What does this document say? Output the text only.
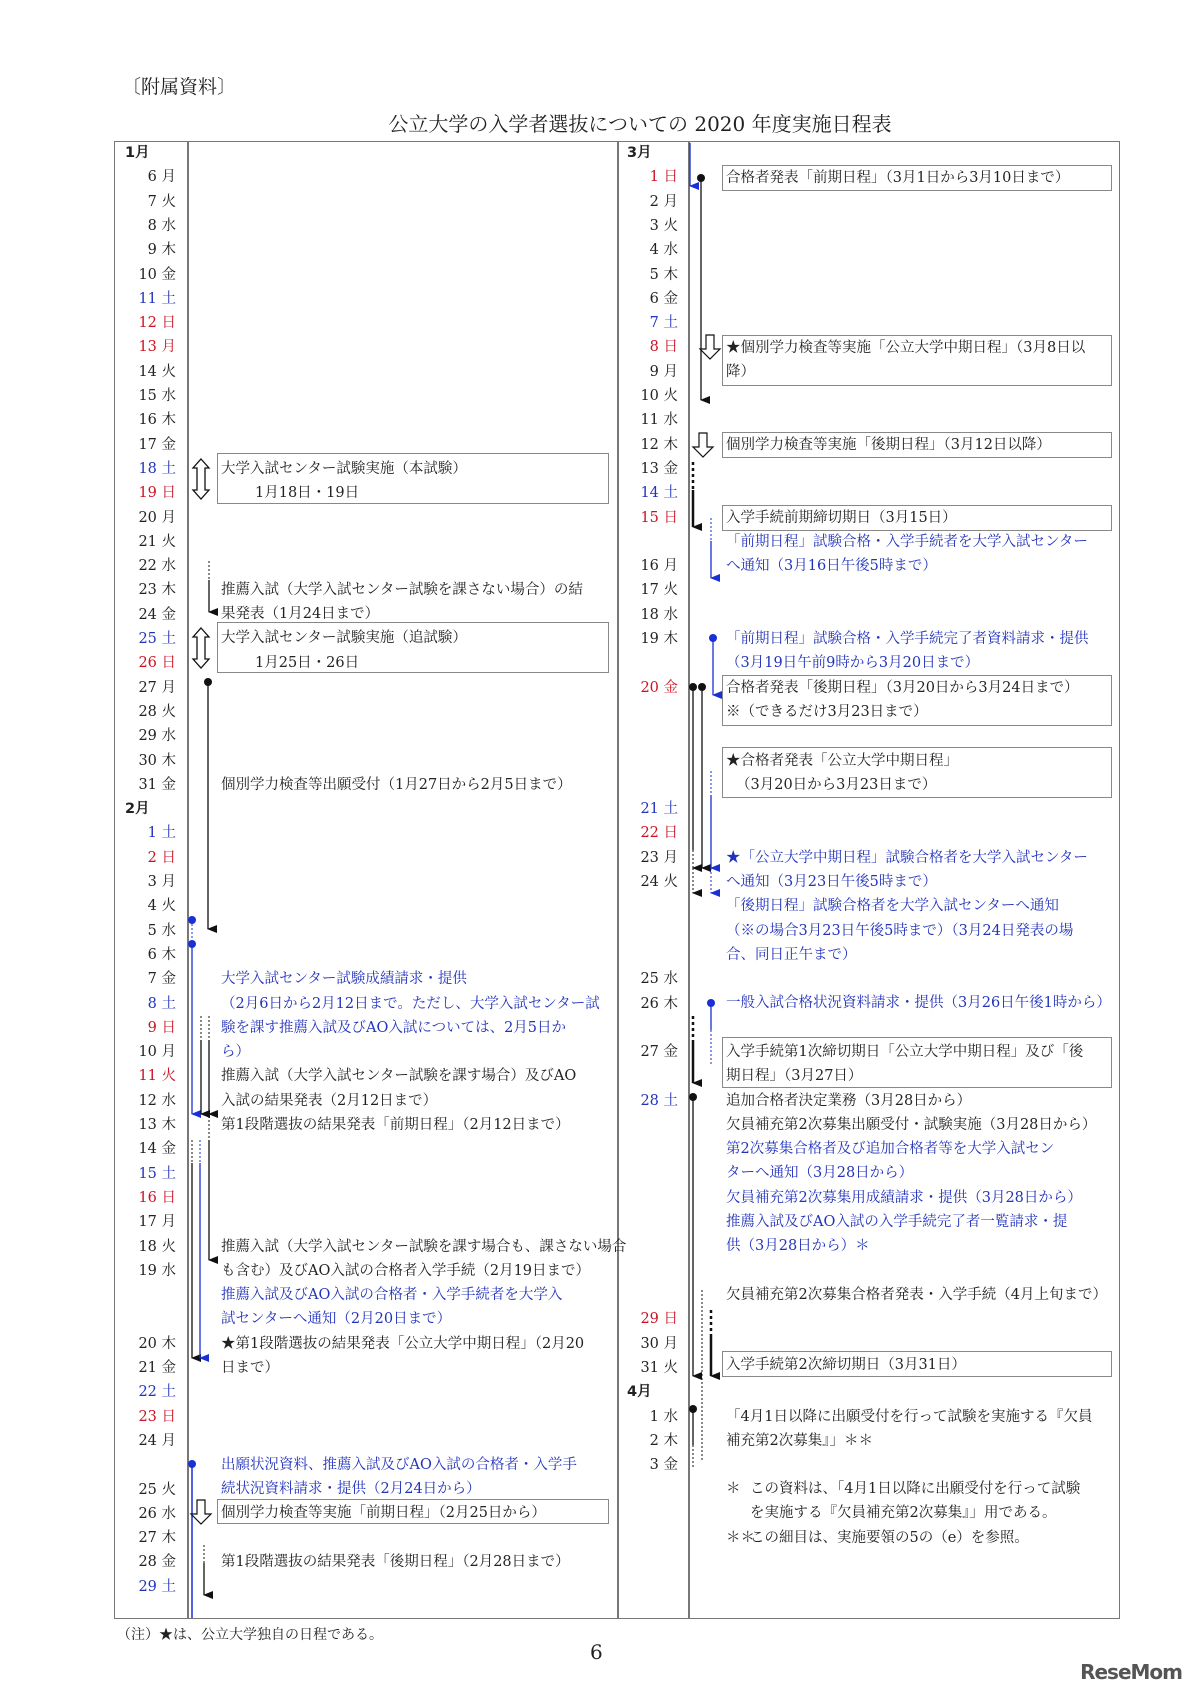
〔附属資料〕
公立大学の入学者選抜についての 2020 年度実施日程表
6 月
7 火
8 水
9 木
10 金
11 土
12 日
13 月
14 火
15 水
16 木
17 金
18 土
19 日
20 月
21 火
22 水
23 木
24 金
25 土
26 日
27 月
28 火
29 水
30 木
31 金
1 土
2 日
3 月
4 火
5 水
6 木
7 金
8 土
9 日
10 月
11 火
12 水
13 木
14 金
15 土
16 日
17 月
18 火
19 水
20 木
21 金
22 土
23 日
24 月
25 火
26 水
27 木
28 金
29 土
1月
2月
1 日
2 月
3 火
4 水
5 木
6 金
7 土
8 日
9 月
10 火
11 水
12 木
13 金
14 土
15 日
16 月
17 火
18 水
19 木
20 金
21 土
22 日
23 月
24 火
25 水
26 木
27 金
28 土
29 日
30 月
31 火
1 水
2 木
3 金
3月
4月
大学入試センター試験実施（本試験）
1月18日・19日
推薦入試（大学入試センター試験を課さない場合）の結
果発表（1月24日まで）
大学入試センター試験実施（追試験）
1月25日・26日
個別学力検査等出願受付（1月27日から2月5日まで）
大学入試センター試験成績請求・提供
（2月6日から2月12日まで。ただし、大学入試センター試
験を課す推薦入試及びAO入試については、2月5日か
ら）
推薦入試（大学入試センター試験を課す場合）及びAO
入試の結果発表（2月12日まで）
第1段階選抜の結果発表「前期日程」（2月12日まで）
推薦入試（大学入試センター試験を課す場合も、課さない場合
も含む）及びAO入試の合格者入学手続（2月19日まで）
推薦入試及びAO入試の合格者・入学手続者を大学入
試センターへ通知（2月20日まで）
★第1段階選抜の結果発表「公立大学中期日程」（2月20
日まで）
出願状況資料、推薦入試及びAO入試の合格者・入学手
続状況資料請求・提供（2月24日から）
個別学力検査等実施「前期日程」（2月25日から）
第1段階選抜の結果発表「後期日程」（2月28日まで）
合格者発表「前期日程」（3月1日から3月10日まで）
★個別学力検査等実施「公立大学中期日程」（3月8日以
降）
個別学力検査等実施「後期日程」（3月12日以降）
入学手続前期締切期日（3月15日）
「前期日程」試験合格・入学手続者を大学入試センター
へ通知（3月16日午後5時まで）
「前期日程」試験合格・入学手続完了者資料請求・提供
（3月19日午前9時から3月20日まで）
合格者発表「後期日程」（3月20日から3月24日まで）
※（できるだけ3月23日まで）
★合格者発表「公立大学中期日程」
（3月20日から3月23日まで）
★「公立大学中期日程」試験合格者を大学入試センター
へ通知（3月23日午後5時まで）
「後期日程」試験合格者を大学入試センターへ通知
（※の場合3月23日午後5時まで）（3月24日発表の場
合、同日正午まで）
一般入試合格状況資料請求・提供（3月26日午後1時から）
入学手続第1次締切期日「公立大学中期日程」及び「後
期日程」（3月27日）
追加合格者決定業務（3月28日から）
欠員補充第2次募集出願受付・試験実施（3月28日から）
第2次募集合格者及び追加合格者等を大学入試セン
ターへ通知（3月28日から）
欠員補充第2次募集用成績請求・提供（3月28日から）
推薦入試及びAO入試の入学手続完了者一覧請求・提
供（3月28日から）＊
欠員補充第2次募集合格者発表・入学手続（4月上旬まで）
入学手続第2次締切期日（3月31日）
「4月1日以降に出願受付を行って試験を実施する『欠員
補充第2次募集』」＊＊
＊ この資料は、「4月1日以降に出願受付を行って試験
を実施する『欠員補充第2次募集』」用である。
＊＊
この細目は、実施要領の5の（e）を参照。
（注）★は、公立大学独自の日程である。
6
ReseMom
